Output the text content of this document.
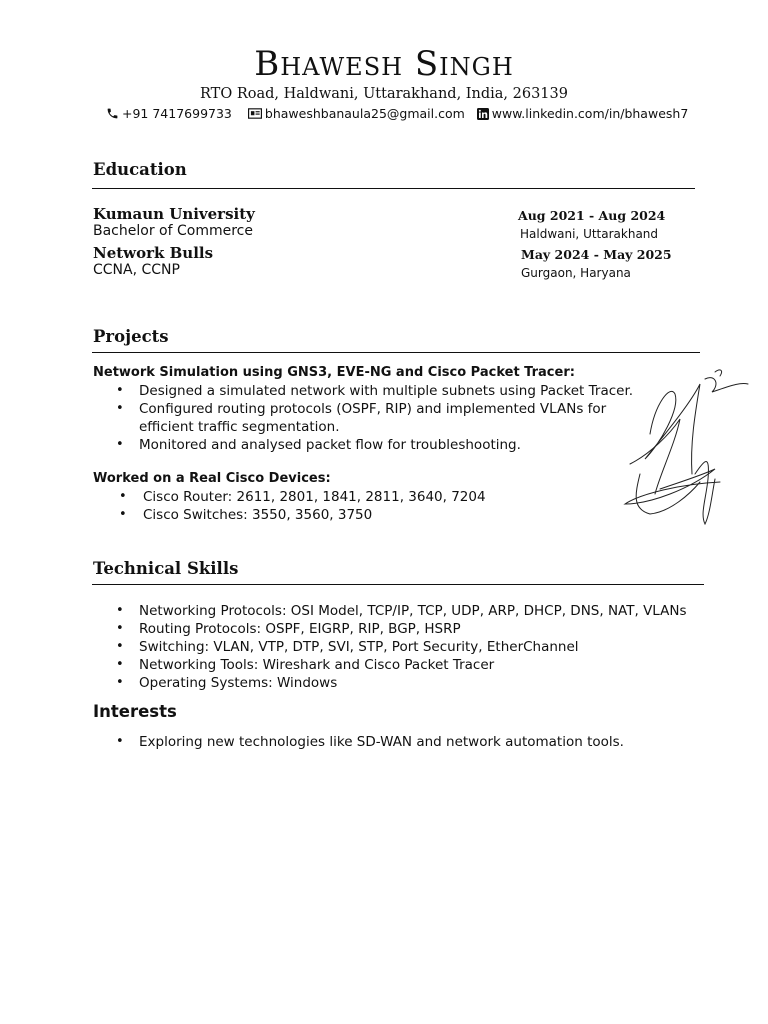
Bhawesh Singh
RTO Road, Haldwani, Uttarakhand, India, 263139
+91 7417699733	bhaweshbanaula25@gmail.com www.linkedin.com/in/bhawesh7
Education
Kumaun University
Bachelor of Commerce
Aug 2021 - Aug 2024
Haldwani, Uttarakhand
Network Bulls
CCNA, CCNP
May 2024 - May 2025
Gurgaon, Haryana
Projects
Network Simulation using GNS3, EVE-NG and Cisco Packet Tracer:
• Designed a simulated network with multiple subnets using Packet Tracer.
• Configured routing protocols (OSPF, RIP) and implemented VLANs for efficient traffic segmentation.
• Monitored and analysed packet flow for troubleshooting.
Worked on a Real Cisco Devices:
• Cisco Router: 2611, 2801, 1841, 2811, 3640, 7204
• Cisco Switches: 3550, 3560, 3750
Technical Skills
• Networking Protocols: OSI Model, TCP/IP, TCP, UDP, ARP, DHCP, DNS, NAT, VLANs
• Routing Protocols: OSPF, EIGRP, RIP, BGP, HSRP
• Switching: VLAN, VTP, DTP, SVI, STP, Port Security, EtherChannel
• Networking Tools: Wireshark and Cisco Packet Tracer
• Operating Systems: Windows
Interests
• Exploring new technologies like SD-WAN and network automation tools.
